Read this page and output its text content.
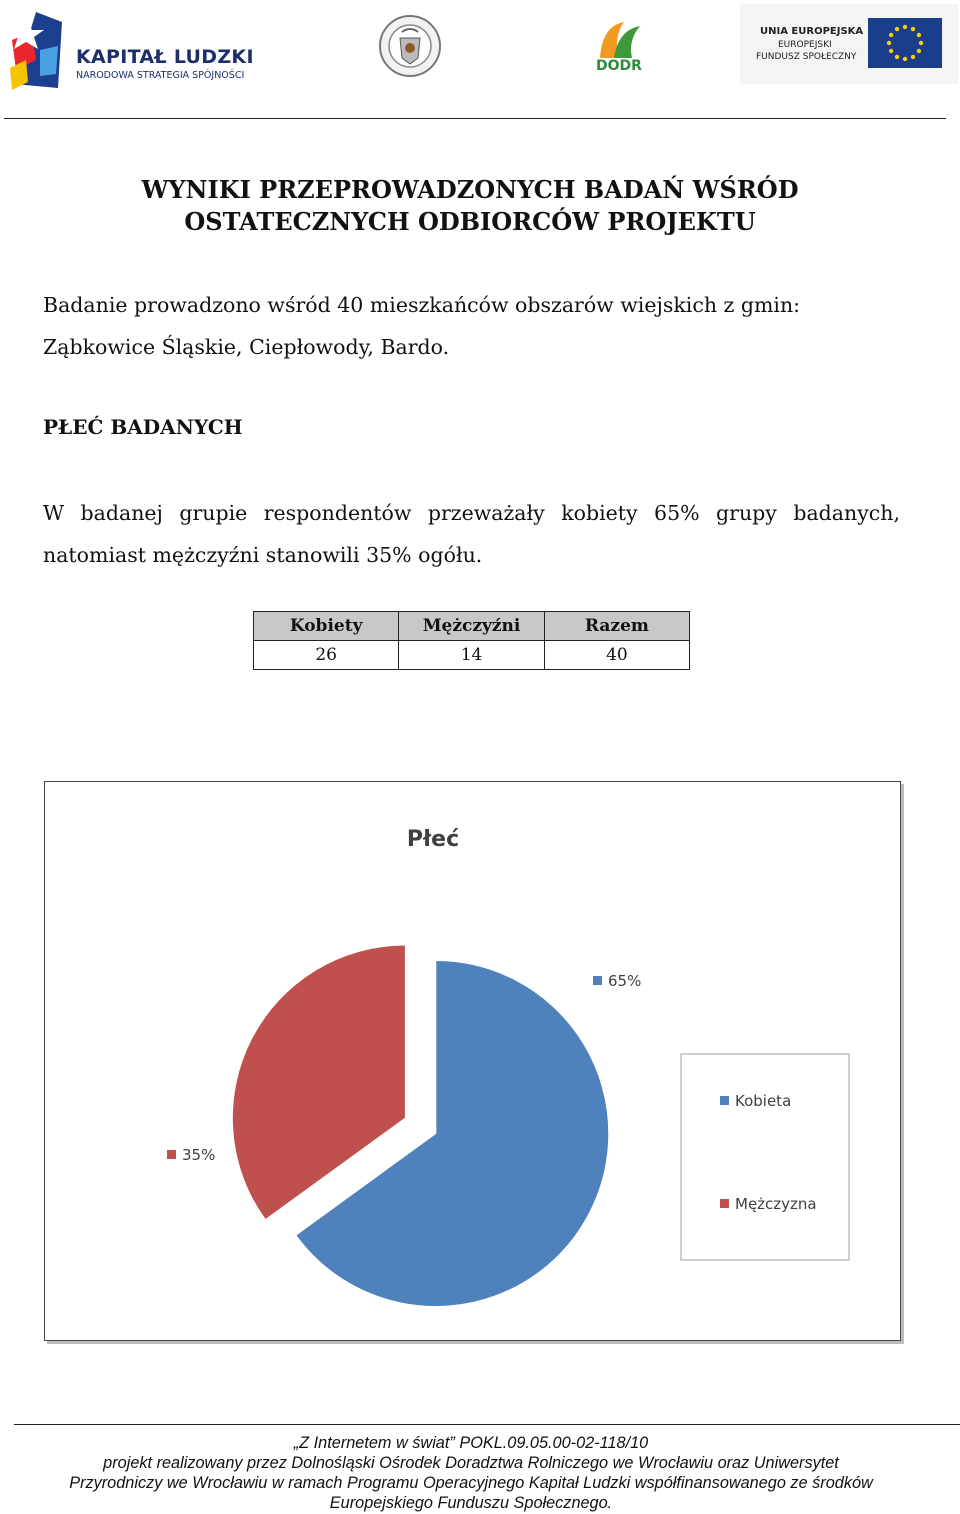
KAPITAŁ LUDZKI
NARODOWA STRATEGIA SPÓJNOŚCI
DODR
UNIA EUROPEJSKA
EUROPEJSKI
FUNDUSZ SPOŁECZNY
WYNIKI PRZEPROWADZONYCH BADAŃ WŚRÓD
OSTATECZNYCH ODBIORCÓW PROJEKTU
Badanie prowadzono wśród 40 mieszkańców obszarów wiejskich z gmin: Ząbkowice Śląskie, Ciepłowody, Bardo.
PŁEĆ BADANYCH
W badanej grupie respondentów przeważały kobiety 65% grupy badanych, natomiast mężczyźni stanowili 35% ogółu.
Kobiety	Mężczyźni	Razem
26	14	40
Płeć
65%
35%
Kobieta
Mężczyzna
„Z Internetem w świat” POKL.09.05.00-02-118/10
projekt realizowany przez Dolnośląski Ośrodek Doradztwa Rolniczego we Wrocławiu oraz Uniwersytet
Przyrodniczy we Wrocławiu w ramach Programu Operacyjnego Kapitał Ludzki współfinansowanego ze środków
Europejskiego Funduszu Społecznego.
